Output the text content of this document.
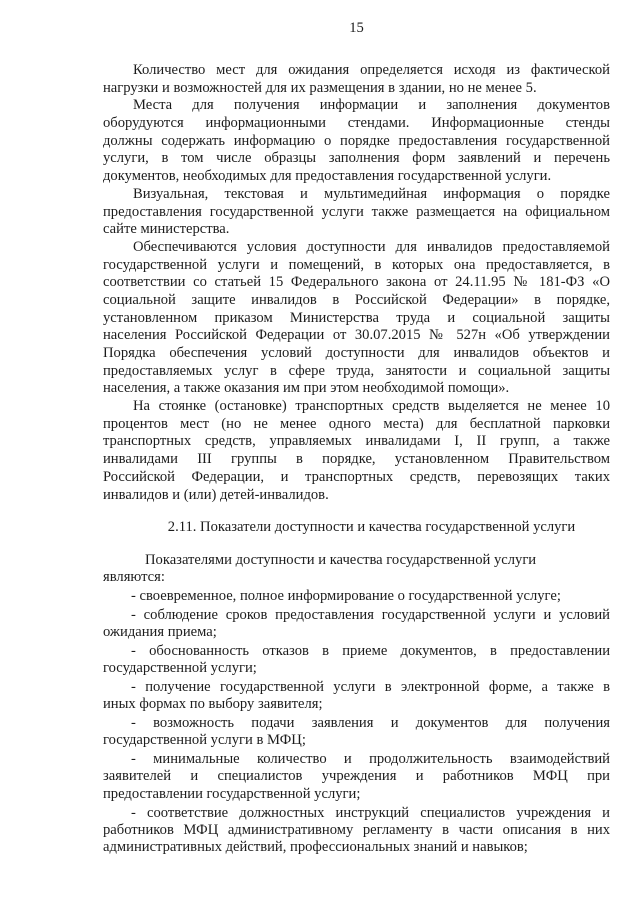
15
Количество мест для ожидания определяется исходя из фактической
нагрузки и возможностей для их размещения в здании, но не менее 5.
Места для получения информации и заполнения документов
оборудуются информационными стендами. Информационные стенды
должны содержать информацию о порядке предоставления государственной
услуги, в том числе образцы заполнения форм заявлений и перечень
документов, необходимых для предоставления государственной услуги.
Визуальная, текстовая и мультимедийная информация о порядке
предоставления государственной услуги также размещается на официальном
сайте министерства.
Обеспечиваются условия доступности для инвалидов предоставляемой
государственной услуги и помещений, в которых она предоставляется, в
соответствии со статьей 15 Федерального закона от 24.11.95 № 181-ФЗ «О
социальной защите инвалидов в Российской Федерации» в порядке,
установленном приказом Министерства труда и социальной защиты
населения Российской Федерации от 30.07.2015 № 527н «Об утверждении
Порядка обеспечения условий доступности для инвалидов объектов и
предоставляемых услуг в сфере труда, занятости и социальной защиты
населения, а также оказания им при этом необходимой помощи».
На стоянке (остановке) транспортных средств выделяется не менее 10
процентов мест (но не менее одного места) для бесплатной парковки
транспортных средств, управляемых инвалидами I, II групп, а также
инвалидами III группы в порядке, установленном Правительством
Российской Федерации, и транспортных средств, перевозящих таких
инвалидов и (или) детей-инвалидов.
2.11. Показатели доступности и качества государственной услуги
Показателями доступности и качества государственной услуги
являются:
- своевременное, полное информирование о государственной услуге;
- соблюдение сроков предоставления государственной услуги и условий
ожидания приема;
- обоснованность отказов в приеме документов, в предоставлении
государственной услуги;
- получение государственной услуги в электронной форме, а также в
иных формах по выбору заявителя;
- возможность подачи заявления и документов для получения
государственной услуги в МФЦ;
- минимальные количество и продолжительность взаимодействий
заявителей и специалистов учреждения и работников МФЦ при
предоставлении государственной услуги;
- соответствие должностных инструкций специалистов учреждения и
работников МФЦ административному регламенту в части описания в них
административных действий, профессиональных знаний и навыков;
